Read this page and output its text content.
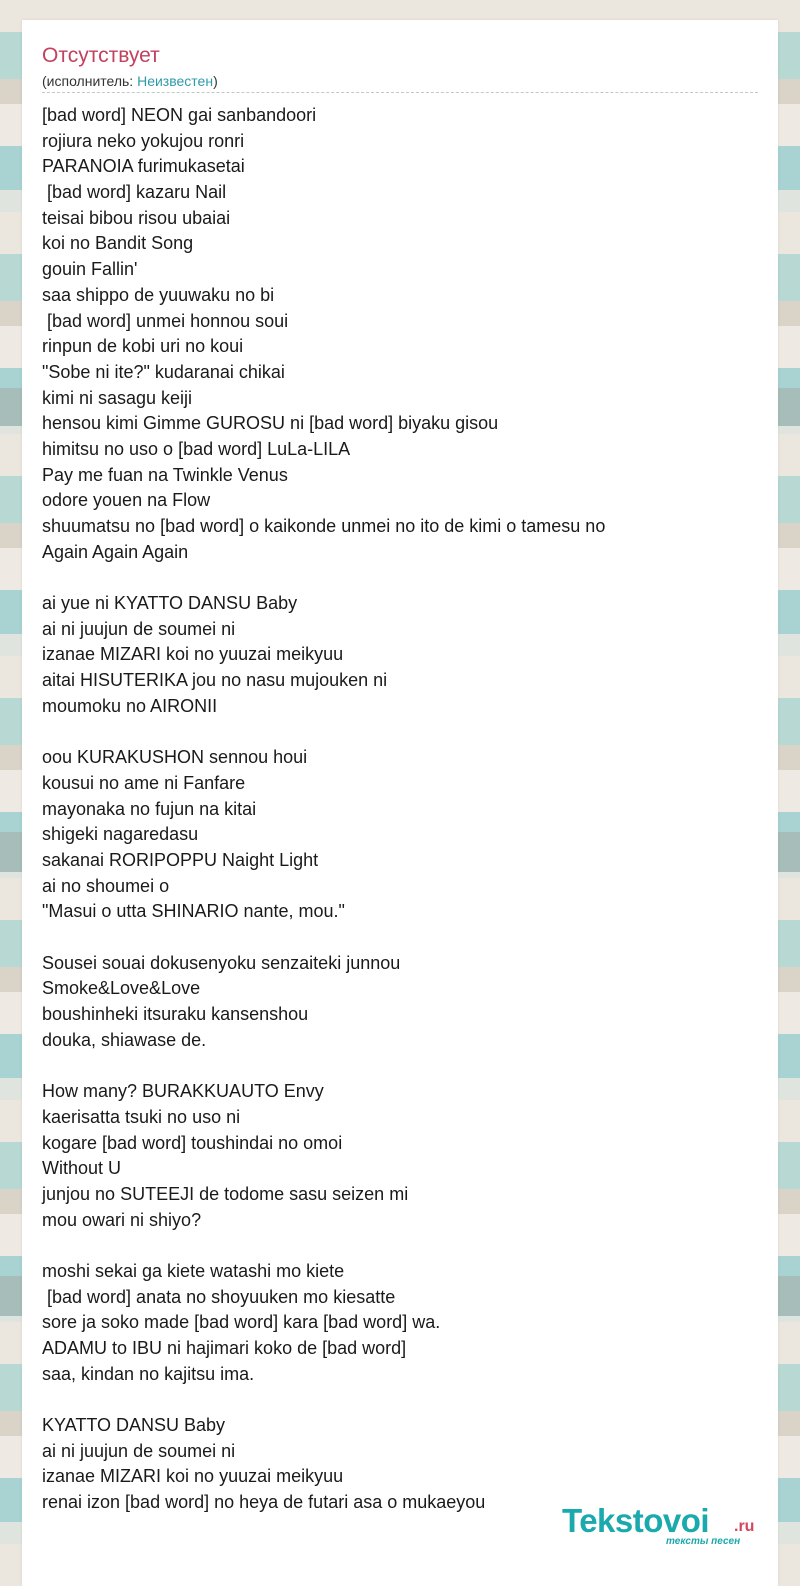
Отсутствует
(исполнитель: Неизвестен)
[bad word] NEON gai sanbandoori
rojiura neko yokujou ronri
PARANOIA furimukasetai
[bad word] kazaru Nail
teisai bibou risou ubaiai
koi no Bandit Song
gouin Fallin'
saa shippo de yuuwaku no bi
[bad word] unmei honnou soui
rinpun de kobi uri no koui
"Sobe ni ite?" kudaranai chikai
kimi ni sasagu keiji
hensou kimi Gimme GUROSU ni [bad word] biyaku gisou
himitsu no uso o [bad word] LuLa-LILA
Pay me fuan na Twinkle Venus
odore youen na Flow
shuumatsu no [bad word] o kaikonde unmei no ito de kimi o tamesu no
Again Again Again
ai yue ni KYATTO DANSU Baby
ai ni juujun de soumei ni
izanae MIZARI koi no yuuzai meikyuu
aitai HISUTERIKA jou no nasu mujouken ni
moumoku no AIRONII
oou KURAKUSHON sennou houi
kousui no ame ni Fanfare
mayonaka no fujun na kitai
shigeki nagaredasu
sakanai RORIPOPPU Naight Light
ai no shoumei o
"Masui o utta SHINARIO nante, mou."
Sousei souai dokusenyoku senzaiteki junnou
Smoke&Love&Love
boushinheki itsuraku kansenshou
douka, shiawase de.
How many? BURAKKUAUTO Envy
kaerisatta tsuki no uso ni
kogare [bad word] toushindai no omoi
Without U
junjou no SUTEEJI de todome sasu seizen mi
mou owari ni shiyo?
moshi sekai ga kiete watashi mo kiete
[bad word] anata no shoyuuken mo kiesatte
sore ja soko made [bad word] kara [bad word] wa.
ADAMU to IBU ni hajimari koko de [bad word]
saa, kindan no kajitsu ima.
KYATTO DANSU Baby
ai ni juujun de soumei ni
izanae MIZARI koi no yuuzai meikyuu
renai izon [bad word] no heya de futari asa o mukaeyou	Tekstovoi .ru
тексты песен
